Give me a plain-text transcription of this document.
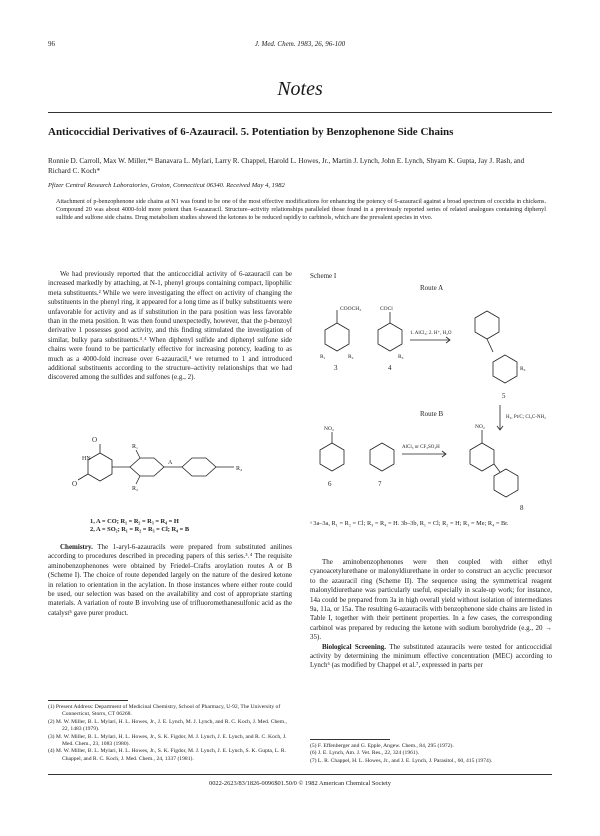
96	J. Med. Chem. 1983, 26, 96-100
Notes
Anticoccidial Derivatives of 6-Azauracil. 5. Potentiation by Benzophenone Side Chains
Ronnie D. Carroll, Max W. Miller,*¹ Banavara L. Mylari, Larry R. Chappel, Harold L. Howes, Jr., Martin J. Lynch, John E. Lynch, Shyam K. Gupta, Jay J. Rash, and Richard C. Koch*
Pfizer Central Research Laboratories, Groton, Connecticut 06340. Received May 4, 1982
Attachment of p-benzophenone side chains at N1 was found to be one of the most effective modifications for enhancing the potency of 6-azauracil against a broad spectrum of coccidia in chickens. Compound 20 was about 4000-fold more potent than 6-azauracil. Structure–activity relationships paralleled those found in a previously reported series of related analogues containing diphenyl sulfide and sulfone side chains. Drug metabolism studies showed the ketones to be reduced rapidly to carbinols, which are the prevalent species in vivo.

We had previously reported that the anticoccidial activity of 6-azauracil can be increased markedly by attaching, at N-1, phenyl groups containing compact, lipophilic meta substituents.² While we were investigating the effect on activity of changing the substituents in the phenyl ring, it appeared for a long time as if bulky substituents were unfavorable for activity and as if substitution in the para position was less favorable than in the meta position. It was then found unexpectedly, however, that the p-benzoyl derivative 1 possesses good activity, and this finding stimulated the investigation of similar, bulky para substituents.³˒⁴ When diphenyl sulfide and diphenyl sulfone side chains were found to be particularly effective for increasing potency, leading to as much as a 4000-fold increase over 6-azauracil,⁴ we returned to 1 and introduced additional substituents according to the structure–activity relationships that we had discovered among the sulfides and sulfones (e.g., 2).

O
O
HN
R₁
R₂
A
R₄
1, A = CO; R₁ = R₂ = R₃ = R₄ = H
2, A = SO₂; R₁ = R₂ = R₃ = Cl; R₄ = B

Chemistry. The 1-aryl-6-azauracils were prepared from substituted anilines according to procedures described in preceding papers of this series.³˒⁴ The requisite aminobenzophenones were obtained by Friedel–Crafts aroylation routes A or B (Scheme I). The choice of route depended largely on the nature of the desired ketone in relation to orientation in the acylation. In those instances where either route could be used, our selection was based on the availability and cost of appropriate starting materials. A variation of route B involving use of trifluoromethanesulfonic acid as the catalyst⁵ gave purer product.

Scheme I
Route A
Route B
COOCH₃	COCl
R₁	R₂	R₄
3	4
1. AlCl₃; 2. H⁺, H₂O
R₄
5
H₂, Pt/C; Cl₃C-NH₂
NO₂
6	7
AlCl₃ or CF₃SO₃H
NO₂
8
ᵃ 3a–3a, R₁ = R₂ = Cl; R₃ = R₄ = H. 3b–3b, R₁ = Cl; R₂ = H; R₃ = Me; R₄ = Br.

The aminobenzophenones were then coupled with either ethyl cyanoacetylurethane or malonyldiurethane in order to construct an acyclic precursor to the azauracil ring (Scheme II). The sequence using the symmetrical reagent malonyldiurethane was particularly useful, especially in scale-up work; for instance, 14a could be prepared from 3a in high overall yield without isolation of intermediates 9a, 11a, or 15a. The resulting 6-azauracils with benzophenone side chains are listed in Table I, together with their pertinent properties. In a few cases, the corresponding carbinol was prepared by reducing the ketone with sodium borohydride (e.g., 20 → 35).

Biological Screening. The substituted azauracils were tested for anticoccidial activity by determining the minimum effective concentration (MEC) according to Lynch⁶ (as modified by Chappel et al.⁷, expressed in parts per

(1) Present Address: Department of Medicinal Chemistry, School of Pharmacy, U-92, The University of Connecticut, Storrs, CT 06268.
(2) M. W. Miller, B. L. Mylari, H. L. Howes, Jr., J. E. Lynch, M. J. Lynch, and R. C. Koch, J. Med. Chem., 22, 1483 (1979).
(3) M. W. Miller, B. L. Mylari, H. L. Howes, Jr., S. K. Figdor, M. J. Lynch, J. E. Lynch, and R. C. Koch, J. Med. Chem., 23, 1083 (1980).
(4) M. W. Miller, B. L. Mylari, H. L. Howes, Jr., S. K. Figdor, M. J. Lynch, J. E. Lynch, S. K. Gupta, L. R. Chappel, and R. C. Koch, J. Med. Chem., 24, 1337 (1981).
(5) F. Effenberger and G. Epple, Angew. Chem., 84, 295 (1972).
(6) J. E. Lynch, Am. J. Vet. Res., 22, 324 (1961).
(7) L. R. Chappel, H. L. Howes, Jr., and J. E. Lynch, J. Parasitol., 60, 415 (1974).
0022-2623/83/1826-0096$01.50/0 © 1982 American Chemical Society
